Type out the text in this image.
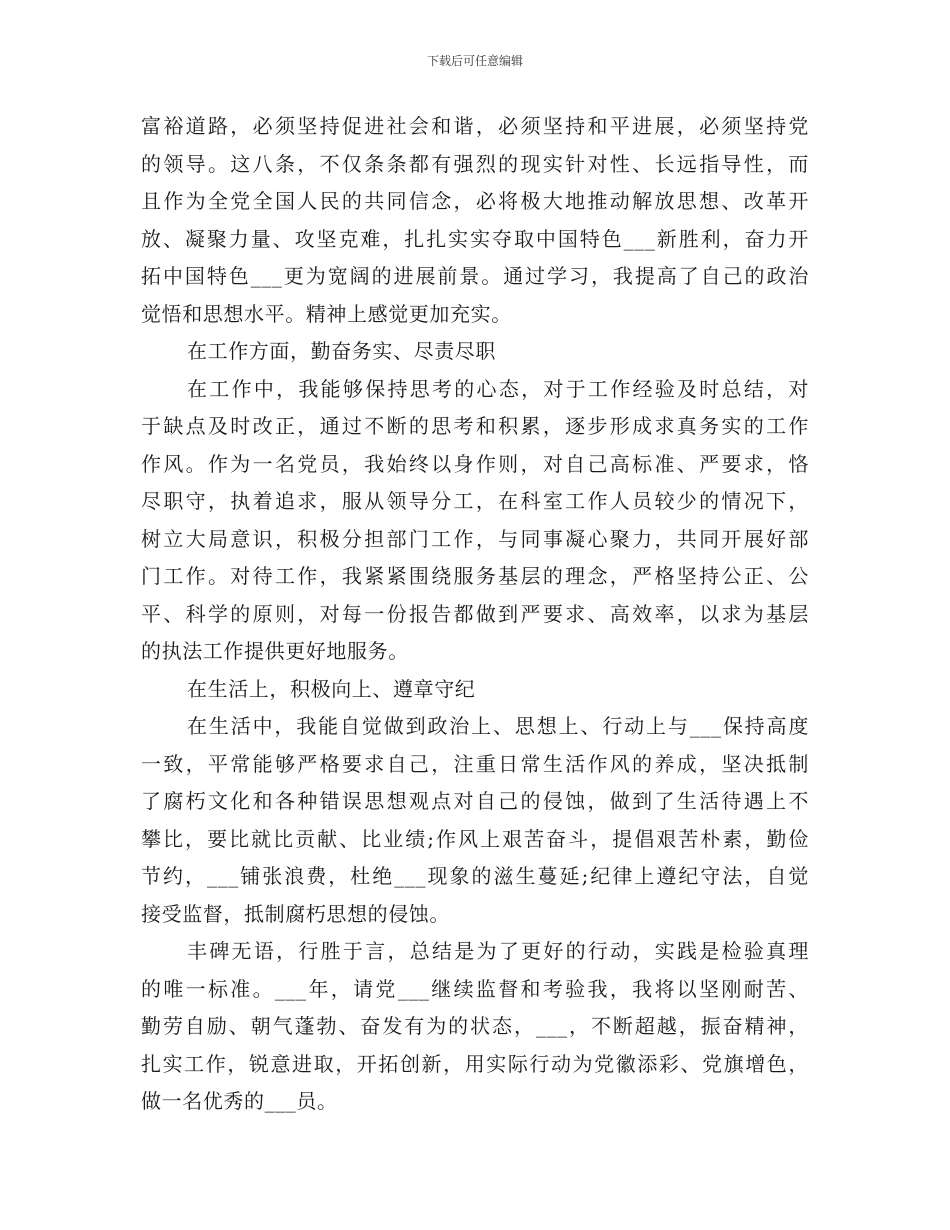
下载后可任意编辑
富裕道路，必须坚持促进社会和谐，必须坚持和平进展，必须坚持党
的领导。这八条，不仅条条都有强烈的现实针对性、长远指导性，而
且作为全党全国人民的共同信念，必将极大地推动解放思想、改革开
放、凝聚力量、攻坚克难，扎扎实实夺取中国特色___新胜利，奋力开
拓中国特色___更为宽阔的进展前景。通过学习，我提高了自己的政治
觉悟和思想水平。精神上感觉更加充实。
在工作方面，勤奋务实、尽责尽职
在工作中，我能够保持思考的心态，对于工作经验及时总结，对
于缺点及时改正，通过不断的思考和积累，逐步形成求真务实的工作
作风。作为一名党员，我始终以身作则，对自己高标准、严要求，恪
尽职守，执着追求，服从领导分工，在科室工作人员较少的情况下，
树立大局意识，积极分担部门工作，与同事凝心聚力，共同开展好部
门工作。对待工作，我紧紧围绕服务基层的理念，严格坚持公正、公
平、科学的原则，对每一份报告都做到严要求、高效率，以求为基层
的执法工作提供更好地服务。
在生活上，积极向上、遵章守纪
在生活中，我能自觉做到政治上、思想上、行动上与___保持高度
一致，平常能够严格要求自己，注重日常生活作风的养成，坚决抵制
了腐朽文化和各种错误思想观点对自己的侵蚀，做到了生活待遇上不
攀比，要比就比贡献、比业绩;作风上艰苦奋斗，提倡艰苦朴素，勤俭
节约，___铺张浪费，杜绝___现象的滋生蔓延;纪律上遵纪守法，自觉
接受监督，抵制腐朽思想的侵蚀。
丰碑无语，行胜于言，总结是为了更好的行动，实践是检验真理
的唯一标准。___年，请党___继续监督和考验我，我将以坚刚耐苦、
勤劳自励、朝气蓬勃、奋发有为的状态，___，不断超越，振奋精神，
扎实工作，锐意进取，开拓创新，用实际行动为党徽添彩、党旗增色，
做一名优秀的___员。
